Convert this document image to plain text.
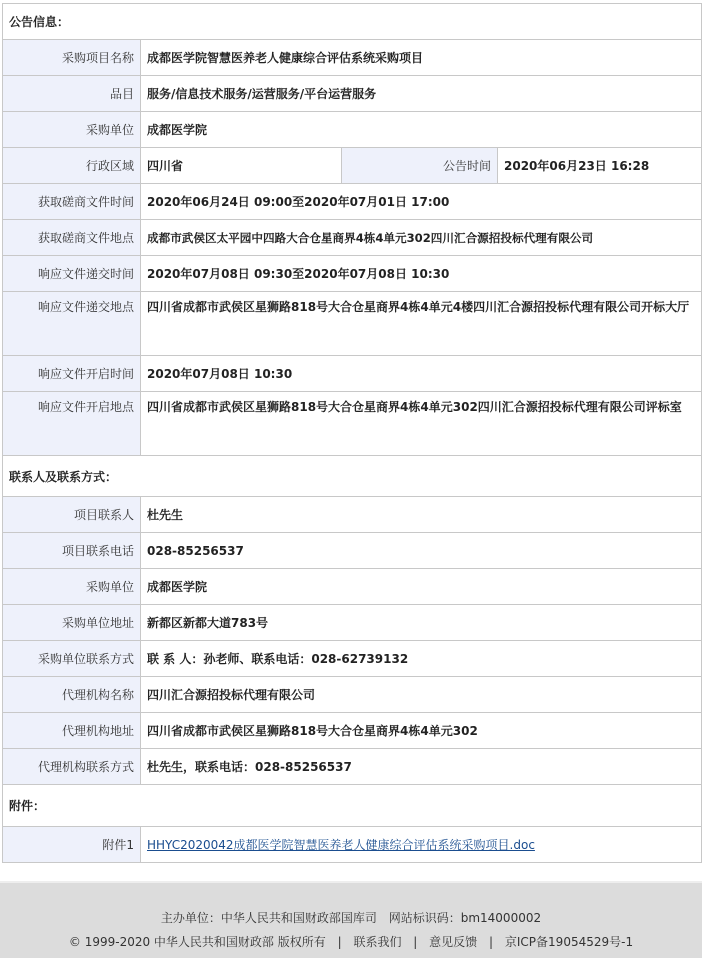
公告信息：			
采购项目名称	成都医学院智慧医养老人健康综合评估系统采购项目		
品目	服务/信息技术服务/运营服务/平台运营服务		
采购单位	成都医学院		
行政区域	四川省	公告时间	2020年06月23日 16:28
获取磋商文件时间	2020年06月24日 09:00至2020年07月01日 17:00		
获取磋商文件地点	成都市武侯区太平园中四路大合仓星商界4栋4单元302四川汇合源招投标代理有限公司		
响应文件递交时间	2020年07月08日 09:30至2020年07月08日 10:30		
响应文件递交地点	四川省成都市武侯区星狮路818号大合仓星商界4栋4单元4楼四川汇合源招投标代理有限公司开标大厅		
响应文件开启时间	2020年07月08日 10:30		
响应文件开启地点	四川省成都市武侯区星狮路818号大合仓星商界4栋4单元302四川汇合源招投标代理有限公司评标室		
联系人及联系方式：			
项目联系人	杜先生		
项目联系电话	028-85256537		
采购单位	成都医学院		
采购单位地址	新都区新都大道783号		
采购单位联系方式	联 系 人：孙老师、联系电话：028-62739132		
代理机构名称	四川汇合源招投标代理有限公司		
代理机构地址	四川省成都市武侯区星狮路818号大合仓星商界4栋4单元302		
代理机构联系方式	杜先生，联系电话：028-85256537		
附件：			
附件1	HHYC2020042成都医学院智慧医养老人健康综合评估系统采购项目.doc		
主办单位：中华人民共和国财政部国库司 网站标识码：bm14000002
© 1999-2020 中华人民共和国财政部 版权所有 | 联系我们 | 意见反馈 | 京ICP备19054529号-1
